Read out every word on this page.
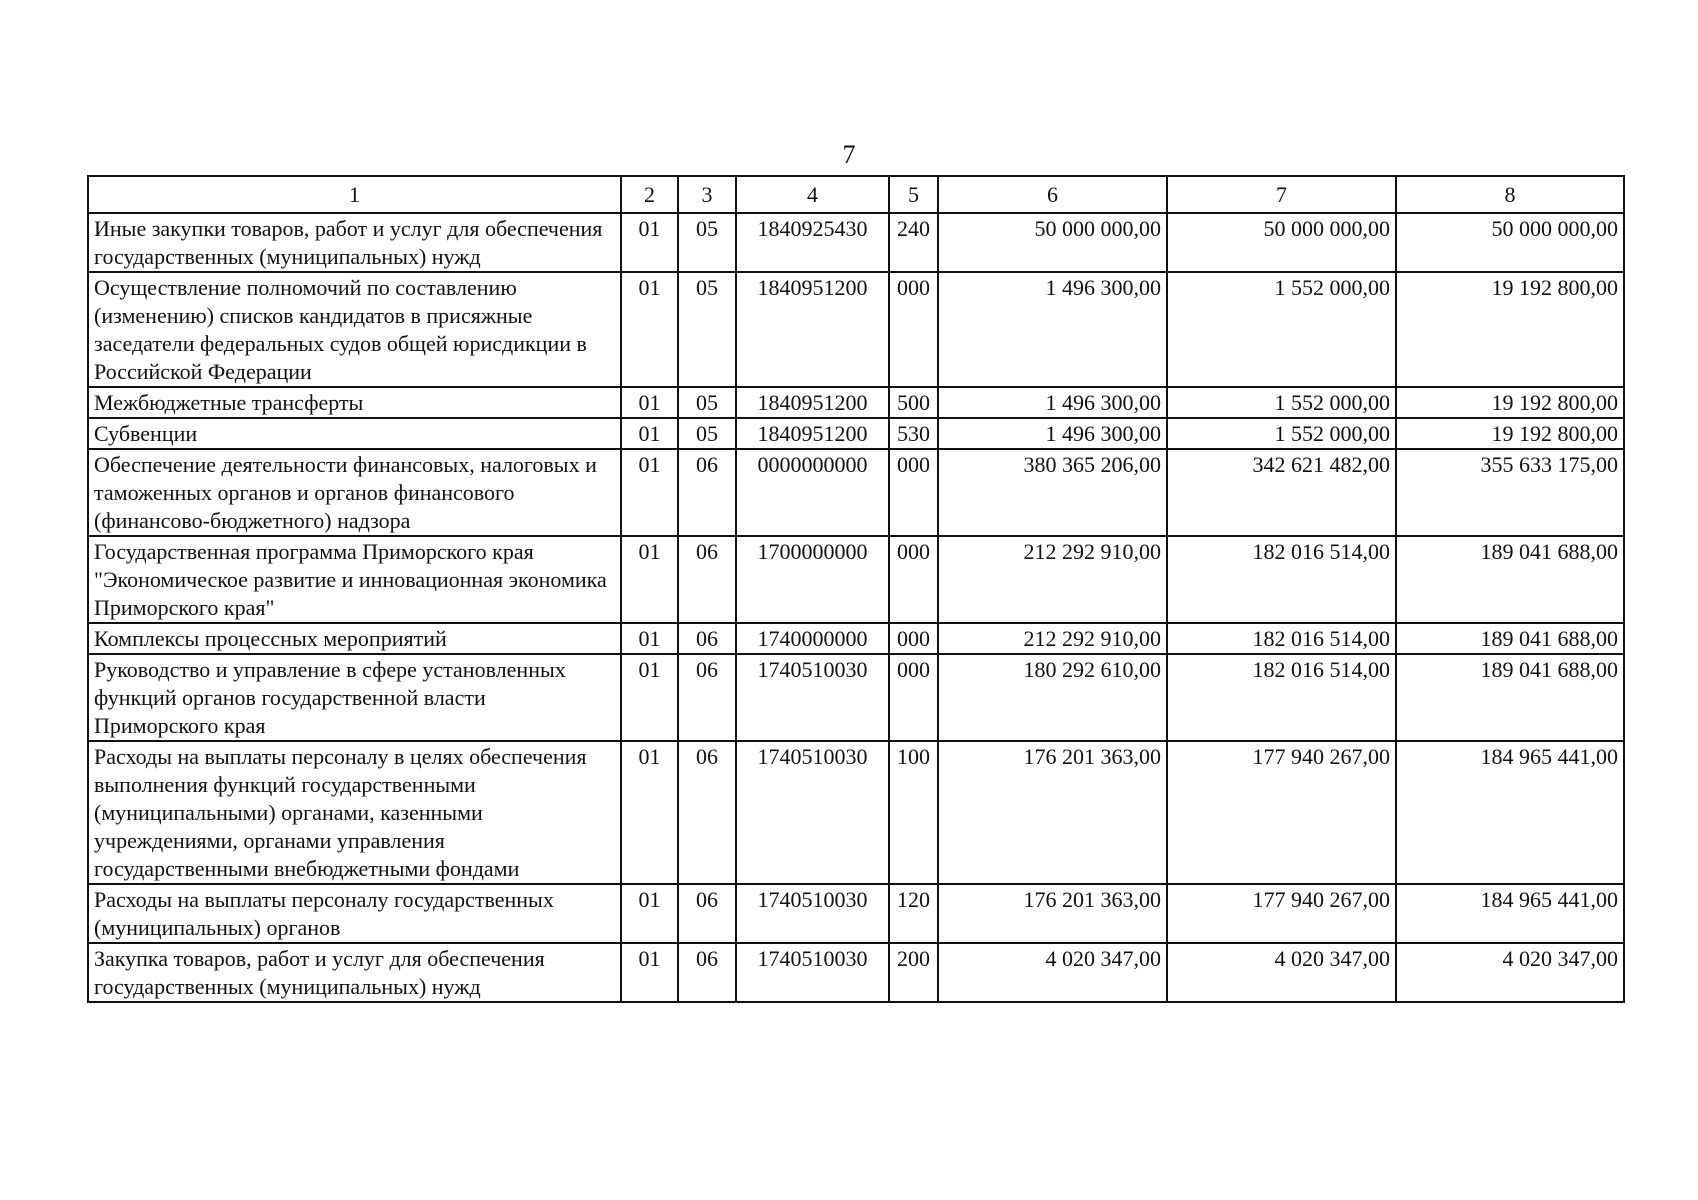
7
1	2	3	4	5	6	7	8
Иные закупки товаров, работ и услуг для обеспечения государственных (муниципальных) нужд	01	05	1840925430	240	50 000 000,00	50 000 000,00	50 000 000,00
Осуществление полномочий по составлению (изменению) списков кандидатов в присяжные заседатели федеральных судов общей юрисдикции в Российской Федерации	01	05	1840951200	000	1 496 300,00	1 552 000,00	19 192 800,00
Межбюджетные трансферты	01	05	1840951200	500	1 496 300,00	1 552 000,00	19 192 800,00
Субвенции	01	05	1840951200	530	1 496 300,00	1 552 000,00	19 192 800,00
Обеспечение деятельности финансовых, налоговых и таможенных органов и органов финансового (финансово-бюджетного) надзора	01	06	0000000000	000	380 365 206,00	342 621 482,00	355 633 175,00
Государственная программа Приморского края "Экономическое развитие и инновационная экономика Приморского края"	01	06	1700000000	000	212 292 910,00	182 016 514,00	189 041 688,00
Комплексы процессных мероприятий	01	06	1740000000	000	212 292 910,00	182 016 514,00	189 041 688,00
Руководство и управление в сфере установленных функций органов государственной власти Приморского края	01	06	1740510030	000	180 292 610,00	182 016 514,00	189 041 688,00
Расходы на выплаты персоналу в целях обеспечения выполнения функций государственными (муниципальными) органами, казенными учреждениями, органами управления государственными внебюджетными фондами	01	06	1740510030	100	176 201 363,00	177 940 267,00	184 965 441,00
Расходы на выплаты персоналу государственных (муниципальных) органов	01	06	1740510030	120	176 201 363,00	177 940 267,00	184 965 441,00
Закупка товаров, работ и услуг для обеспечения государственных (муниципальных) нужд	01	06	1740510030	200	4 020 347,00	4 020 347,00	4 020 347,00
